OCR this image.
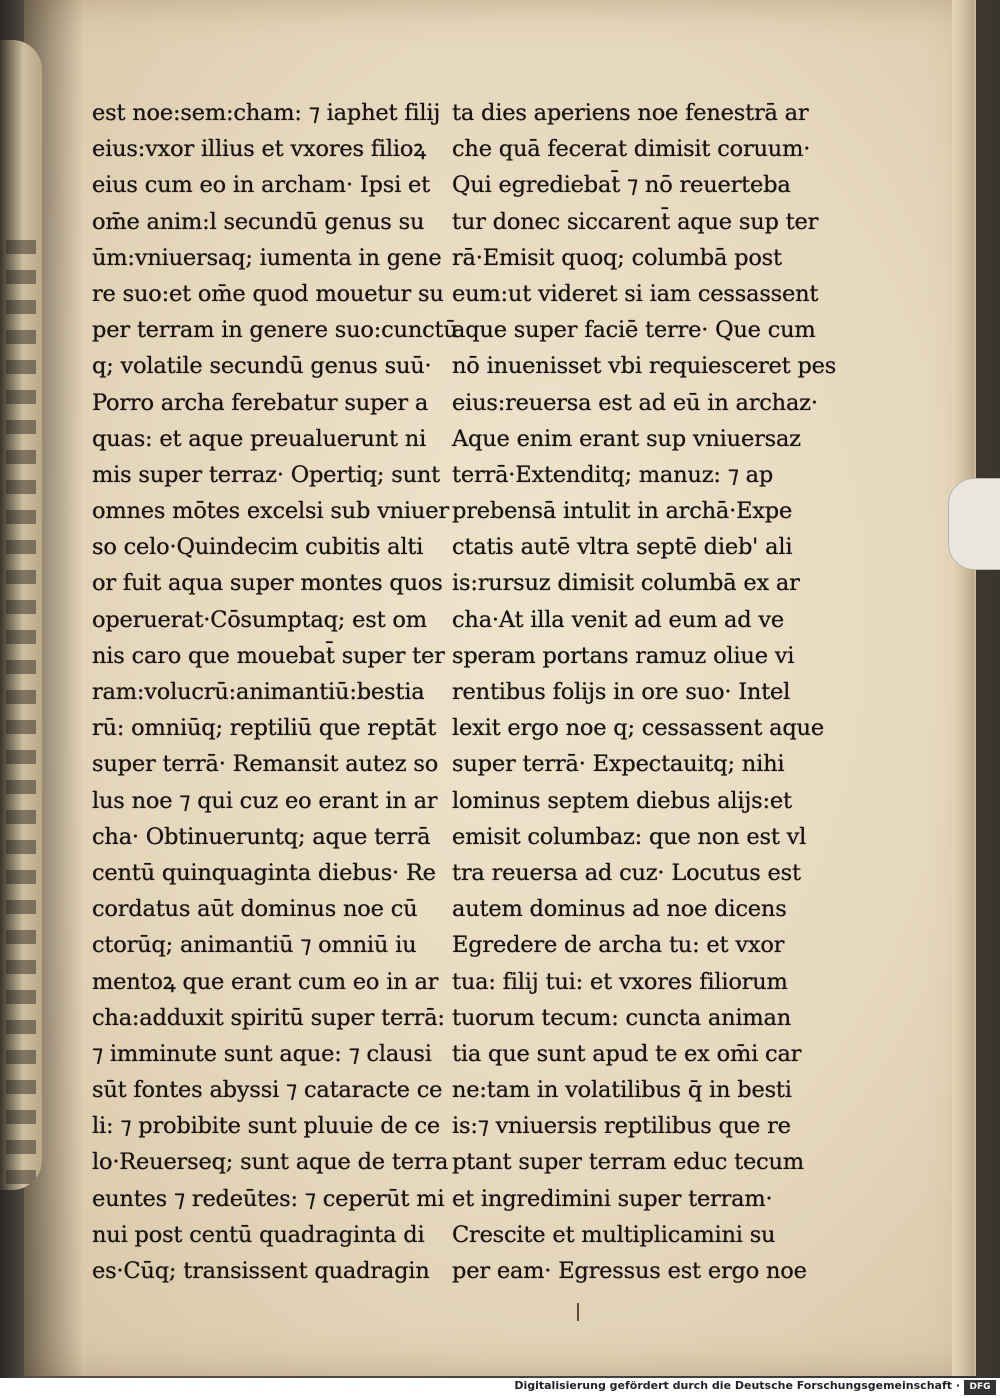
est noe:sem:cham: ⁊ iaphet filij
eius:vxor illius et vxores filioꝝ
eius cum eo in archam· Ipsi et
om̄e anim:l secundū genus su
ūm:vniuersaq; iumenta in gene
re suo:et om̄e quod mouetur su
per terram in genere suo:cunctū
q; volatile secundū genus suū·
Porro archa ferebatur super a
quas: et aque preualuerunt ni
mis super terraz· Opertiq; sunt
omnes mōtes excelsi sub vniuer
so celo·Quindecim cubitis alti
or fuit aqua super montes quos
operuerat·Cōsumptaq; est om
nis caro que mouebat̄ super ter
ram:volucrū:animantiū:bestia
rū: omniūq; reptiliū que reptāt
super terrā· Remansit autez so
lus noe ⁊ qui cuz eo erant in ar
cha· Obtinueruntq; aque terrā
centū quinquaginta diebus· Re
cordatus aūt dominus noe cū
ctorūq; animantiū ⁊ omniū iu
mentoꝝ que erant cum eo in ar
cha:adduxit spiritū super terrā:
⁊ imminute sunt aque: ⁊ clausi
sūt fontes abyssi ⁊ cataracte ce
li: ⁊ probibite sunt pluuie de ce
lo·Reuerseq; sunt aque de terra
euntes ⁊ redeūtes: ⁊ ceperūt mi
nui post centū quadraginta di
es·Cūq; transissent quadragin
ta dies aperiens noe fenestrā ar
che quā fecerat dimisit coruum·
Qui egrediebat̄ ⁊ nō reuerteba
tur donec siccarent̄ aque sup ter
rā·Emisit quoq; columbā post
eum:ut videret si iam cessassent
aque super faciē terre· Que cum
nō inuenisset vbi requiesceret pes
eius:reuersa est ad eū in archaz·
Aque enim erant sup vniuersaz
terrā·Extenditq; manuz: ⁊ ap
prebensā intulit in archā·Expe
ctatis autē vltra septē dieb' ali
is:rursuz dimisit columbā ex ar
cha·At illa venit ad eum ad ve
speram portans ramuz oliue vi
rentibus folijs in ore suo· Intel
lexit ergo noe q; cessassent aque
super terrā· Expectauitq; nihi
lominus septem diebus alijs:et
emisit columbaz: que non est vl
tra reuersa ad cuz· Locutus est
autem dominus ad noe dicens
Egredere de archa tu: et vxor
tua: filij tui: et vxores filiorum
tuorum tecum: cuncta animan
tia que sunt apud te ex om̄i car
ne:tam in volatilibus q̄ in besti
is:⁊ vniuersis reptilibus que re
ptant super terram educ tecum
et ingredimini super terram·
Crescite et multiplicamini su
per eam· Egressus est ergo noe
Digitalisierung gefördert durch die Deutsche Forschungsgemeinschaft ·	DFG
